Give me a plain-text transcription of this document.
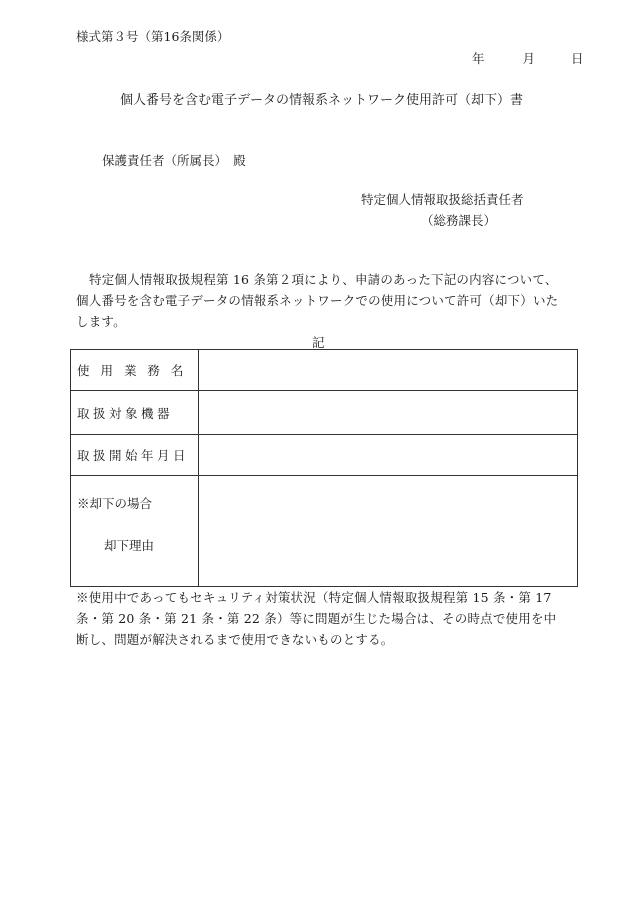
様式第３号（第16条関係）
年	月	日
個人番号を含む電子データの情報系ネットワーク使用許可（却下）書
保護責任者（所属長）　殿
特定個人情報取扱総括責任者
（総務課長）
特定個人情報取扱規程第 16 条第２項により、申請のあった下記の内容について、個人番号を含む電子データの情報系ネットワークでの使用について許可（却下）いたします。
記
使 用 業 務 名	
取扱対象機器	
取扱開始年月日	

※却下の場合
却下理由	

※使用中であってもセキュリティ対策状況（特定個人情報取扱規程第 15 条・第 17 条・第 20 条・第 21 条・第 22 条）等に問題が生じた場合は、その時点で使用を中断し、問題が解決されるまで使用できないものとする。
